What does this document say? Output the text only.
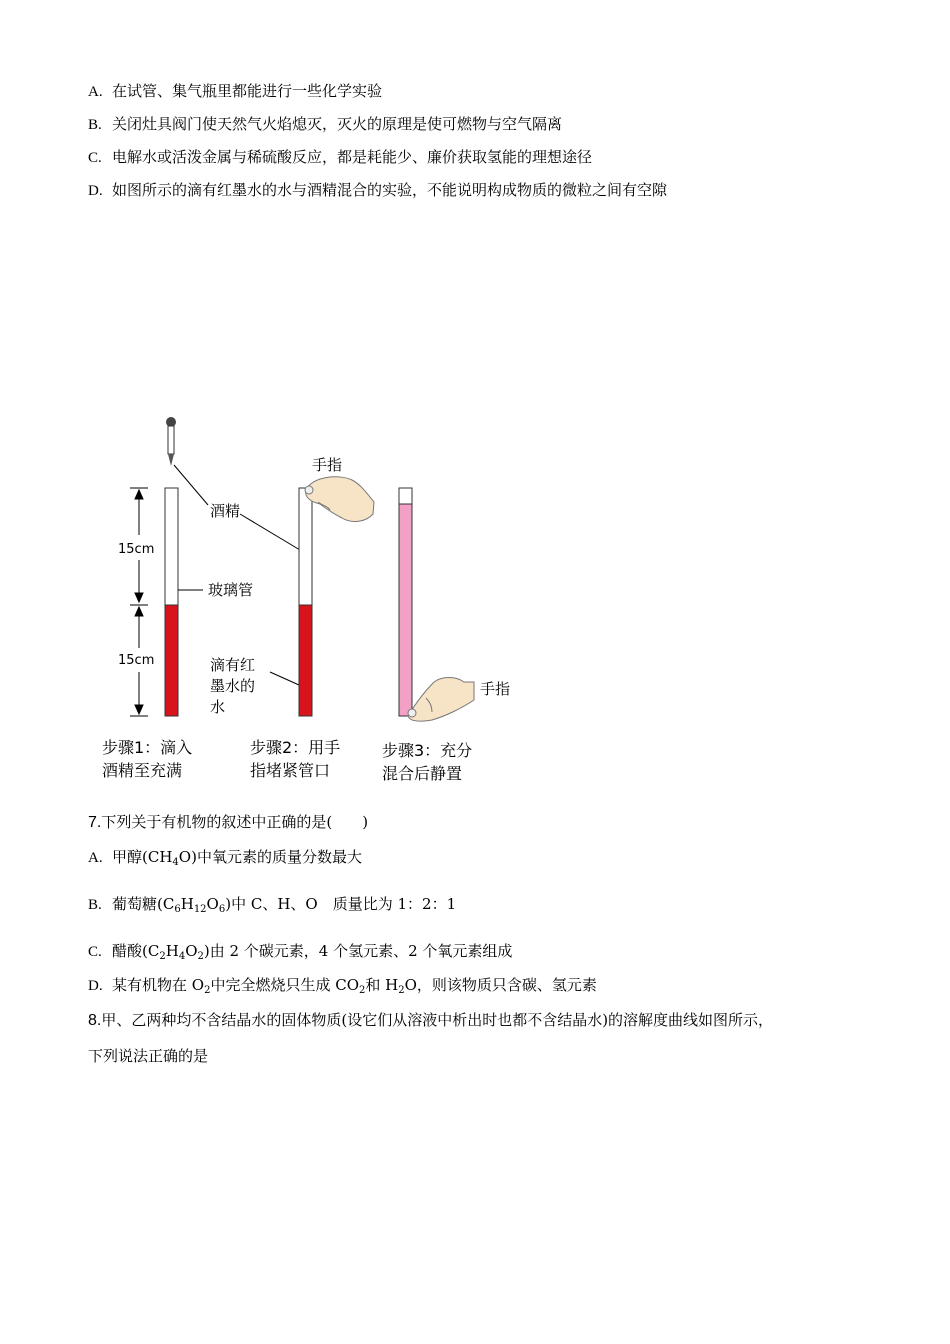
A. 在试管、集气瓶里都能进行一些化学实验
B. 关闭灶具阀门使天然气火焰熄灭，灭火的原理是使可燃物与空气隔离
C. 电解水或活泼金属与稀硫酸反应，都是耗能少、廉价获取氢能的理想途径
D. 如图所示的滴有红墨水的水与酒精混合的实验，不能说明构成物质的微粒之间有空隙
15cm
15cm
酒精
玻璃管
滴有红
墨水的
水
手指
手指
步骤1：滴入
酒精至充满
步骤2：用手
指堵紧管口
步骤3：充分
混合后静置
7.下列关于有机物的叙述中正确的是(　　)
A. 甲醇$(CH_4O)$中氧元素的质量分数最大
B. 葡萄糖$(C_6H_{12}O_6)$中 C、H、O　质量比为 1：2：1
C. 醋酸$(C_2H_4O_2)$由 2 个碳元素，4 个氢元素、2 个氧元素组成
D. 某有机物在 $O_2$中完全燃烧只生成 $CO_2$和 $H_2O$，则该物质只含碳、氢元素
8.甲、乙两种均不含结晶水的固体物质(设它们从溶液中析出时也都不含结晶水)的溶解度曲线如图所示，
下列说法正确的是
